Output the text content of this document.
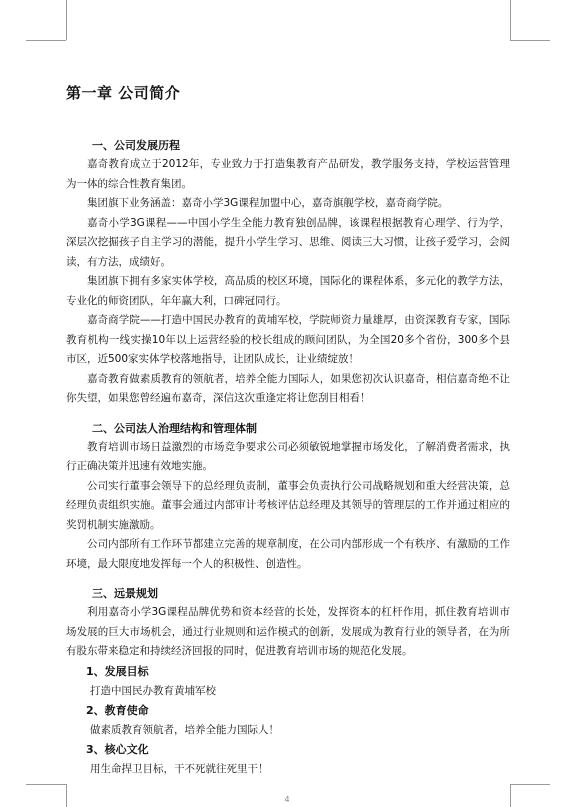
第一章 公司简介
一、公司发展历程

嘉奇教育成立于2012年，专业致力于打造集教育产品研发，教学服务支持，学校运营管理为一体的综合性教育集团。

集团旗下业务涵盖：嘉奇小学3G课程加盟中心，嘉奇旗舰学校，嘉奇商学院。

嘉奇小学3G课程——中国小学生全能力教育独创品牌，该课程根据教育心理学、行为学，深层次挖掘孩子自主学习的潜能，提升小学生学习、思维、阅读三大习惯，让孩子爱学习，会阅读，有方法，成绩好。

集团旗下拥有多家实体学校，高品质的校区环境，国际化的课程体系，多元化的教学方法，专业化的师资团队，年年赢大利，口碑冠同行。

嘉奇商学院——打造中国民办教育的黄埔军校，学院师资力量雄厚，由资深教育专家，国际教育机构一线实操10年以上运营经验的校长组成的顾问团队，为全国20多个省份，300多个县市区，近500家实体学校落地指导，让团队成长，让业绩绽放！

嘉奇教育做素质教育的领航者，培养全能力国际人，如果您初次认识嘉奇，相信嘉奇绝不让你失望，如果您曾经遍布嘉奇，深信这次重逢定将让您刮目相看！

二、公司法人治理结构和管理体制

教育培训市场日益激烈的市场竞争要求公司必须敏锐地掌握市场发化，了解消费者需求，执行正确决策并迅速有效地实施。

公司实行董事会领导下的总经理负责制，董事会负责执行公司战略规划和重大经营决策，总经理负责组织实施。董事会通过内部审计考核评估总经理及其领导的管理层的工作并通过相应的奖罚机制实施激励。

公司内部所有工作环节都建立完善的规章制度，在公司内部形成一个有秩序、有激励的工作环境，最大限度地发挥每一个人的积极性、创造性。

三、远景规划

利用嘉奇小学3G课程品牌优势和资本经营的长处，发挥资本的杠杆作用，抓住教育培训市场发展的巨大市场机会，通过行业规则和运作模式的创新，发展成为教育行业的领导者，在为所有股东带来稳定和持续经济回报的同时，促进教育培训市场的规范化发展。

1、发展目标
打造中国民办教育黄埔军校
2、教育使命
做素质教育领航者，培养全能力国际人！
3、核心文化
用生命捍卫目标，干不死就往死里干！
4
